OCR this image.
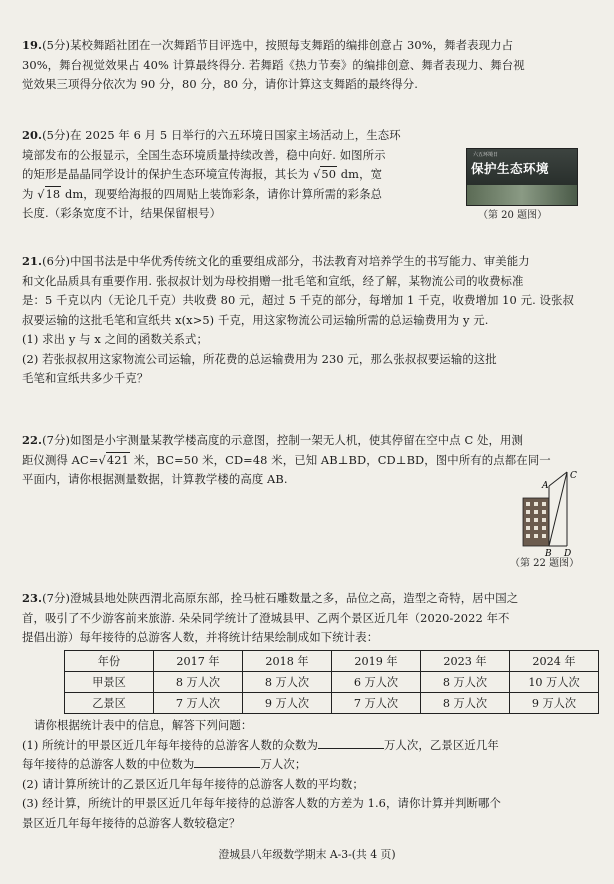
19.(5分)某校舞蹈社团在一次舞蹈节目评选中，按照每支舞蹈的编排创意占 30%，舞者表现力占
30%，舞台视觉效果占 40% 计算最终得分. 若舞蹈《热力节奏》的编排创意、舞者表现力、舞台视
觉效果三项得分依次为 90 分，80 分，80 分，请你计算这支舞蹈的最终得分.
20.(5分)在 2025 年 6 月 5 日举行的六五环境日国家主场活动上，生态环
境部发布的公报显示，全国生态环境质量持续改善，稳中向好. 如图所示
的矩形是晶晶同学设计的保护生态环境宣传海报，其长为 √50 dm，宽
为 √18 dm，现要给海报的四周贴上装饰彩条，请你计算所需的彩条总
长度.（彩条宽度不计，结果保留根号）
六五环境日
保护生态环境
（第 20 题图）
21.(6分)中国书法是中华优秀传统文化的重要组成部分，书法教育对培养学生的书写能力、审美能力
和文化品质具有重要作用. 张叔叔计划为母校捐赠一批毛笔和宣纸，经了解，某物流公司的收费标准
是：5 千克以内（无论几千克）共收费 80 元，超过 5 千克的部分，每增加 1 千克，收费增加 10 元. 设张叔
叔要运输的这批毛笔和宣纸共 x(x>5) 千克，用这家物流公司运输所需的总运输费用为 y 元.
(1) 求出 y 与 x 之间的函数关系式；
(2) 若张叔叔用这家物流公司运输，所花费的总运输费用为 230 元，那么张叔叔要运输的这批
毛笔和宣纸共多少千克？
22.(7分)如图是小宇测量某教学楼高度的示意图，控制一架无人机，使其停留在空中点 C 处，用测
距仪测得 AC=√421 米，BC=50 米，CD=48 米，已知 AB⊥BD，CD⊥BD，图中所有的点都在同一
平面内，请你根据测量数据，计算教学楼的高度 AB.	A
C
B D
（第 22 题图）
23.(7分)澄城县地处陕西渭北高原东部，拴马桩石雕数量之多，品位之高，造型之奇特，居中国之
首，吸引了不少游客前来旅游. 朵朵同学统计了澄城县甲、乙两个景区近几年（2020-2022 年不
提倡出游）每年接待的总游客人数，并将统计结果绘制成如下统计表：
年份	2017 年	2018 年	2019 年	2023 年	2024 年
甲景区	8 万人次	8 万人次	6 万人次	8 万人次	10 万人次
乙景区	7 万人次	9 万人次	7 万人次	8 万人次	9 万人次
请你根据统计表中的信息，解答下列问题：
(1) 所统计的甲景区近几年每年接待的总游客人数的众数为	万人次，乙景区近几年
每年接待的总游客人数的中位数为	万人次；
(2) 请计算所统计的乙景区近几年每年接待的总游客人数的平均数；
(3) 经计算，所统计的甲景区近几年每年接待的总游客人数的方差为 1.6，请你计算并判断哪个
景区近几年每年接待的总游客人数较稳定？
澄城县八年级数学期末 A-3-(共 4 页)
